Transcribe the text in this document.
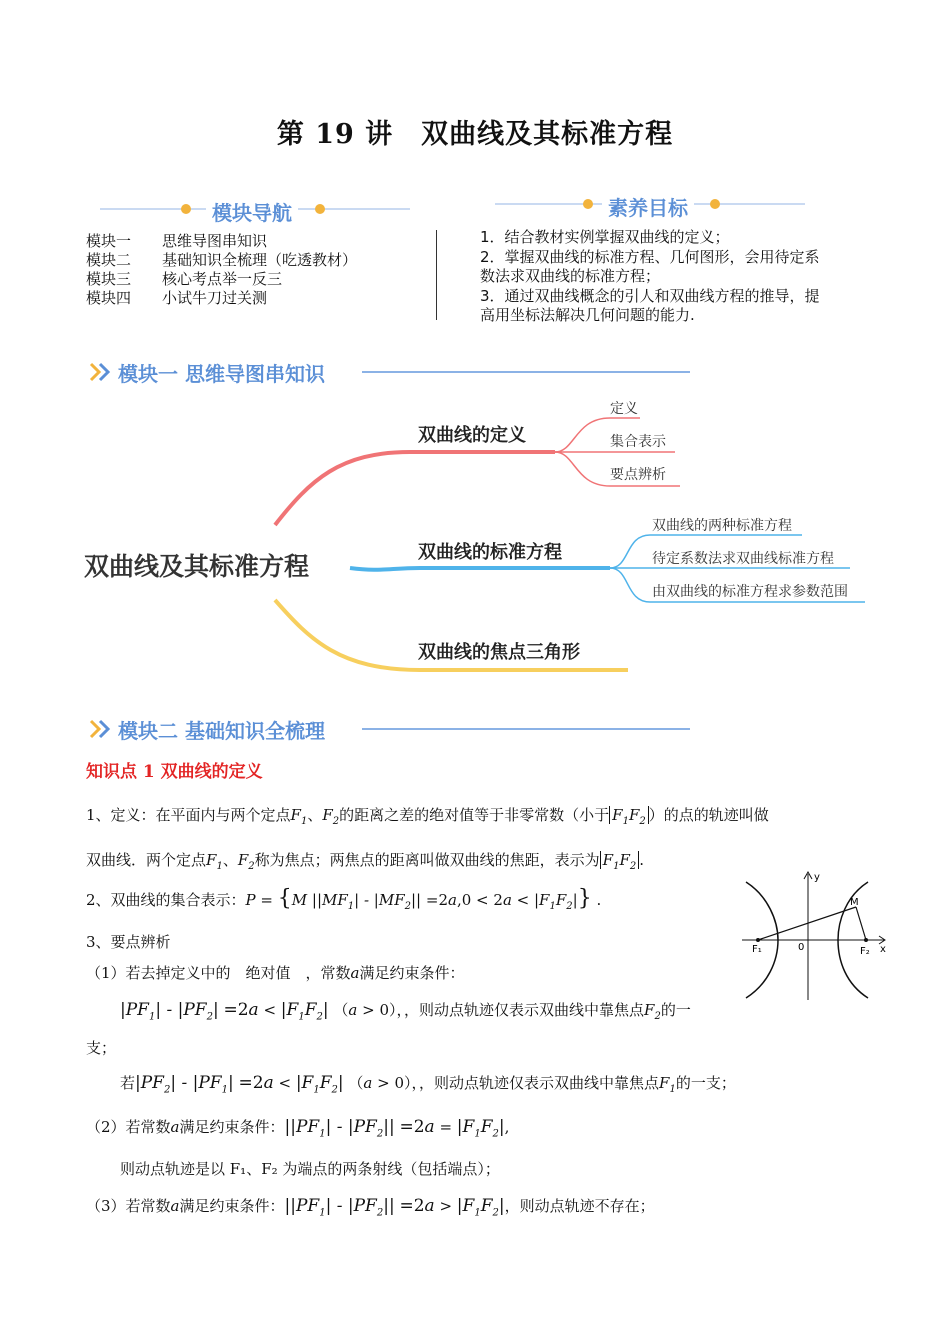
第 19 讲　双曲线及其标准方程
模块导航	素养目标
模块一 思维导图串知识
模块二 基础知识全梳理（吃透教材）
模块三 核心考点举一反三
模块四 小试牛刀过关测
1．结合教材实例掌握双曲线的定义；
2．掌握双曲线的标准方程、几何图形，会用待定系
数法求双曲线的标准方程；
3．通过双曲线概念的引人和双曲线方程的推导，提
高用坐标法解决几何问题的能力.
模块一 思维导图串知识
双曲线及其标准方程
双曲线的定义
定义
集合表示
要点辨析
双曲线的标准方程
双曲线的两种标准方程
待定系数法求双曲线标准方程
由双曲线的标准方程求参数范围
双曲线的焦点三角形
模块二 基础知识全梳理
知识点 1 双曲线的定义
1、定义：在平面内与两个定点$F_1$、$F_2$的距离之差的绝对值等于非零常数（小于 $F_1F_2$ ）的点的轨迹叫做
双曲线．两个定点$F_1$、$F_2$称为焦点；两焦点的距离叫做双曲线的焦距，表示为 $F_1F_2$ .
2、双曲线的集合表示：P = {M $||MF_1| - |MF_2|| =2a,0 < 2a < |F_1F_2|$} .
y
x
0
F₁	F₂
M
3、要点辨析
（1）若去掉定义中的　绝对值　，常数a满足约束条件：
$|PF_1| - |PF_2| =2a < |F_1F_2|$ （a > 0），，则动点轨迹仅表示双曲线中靠焦点$F_2$的一
支；
若$|PF_2| - |PF_1| =2a < |F_1F_2|$ （a > 0），，则动点轨迹仅表示双曲线中靠焦点$F_1$的一支；
（2）若常数a满足约束条件：$||PF_1| - |PF_2|| =2a = |F_1F_2|$,
则动点轨迹是以 F₁、F₂ 为端点的两条射线（包括端点）；
（3）若常数a满足约束条件：$||PF_1| - |PF_2|| =2a > |F_1F_2|$，则动点轨迹不存在；
